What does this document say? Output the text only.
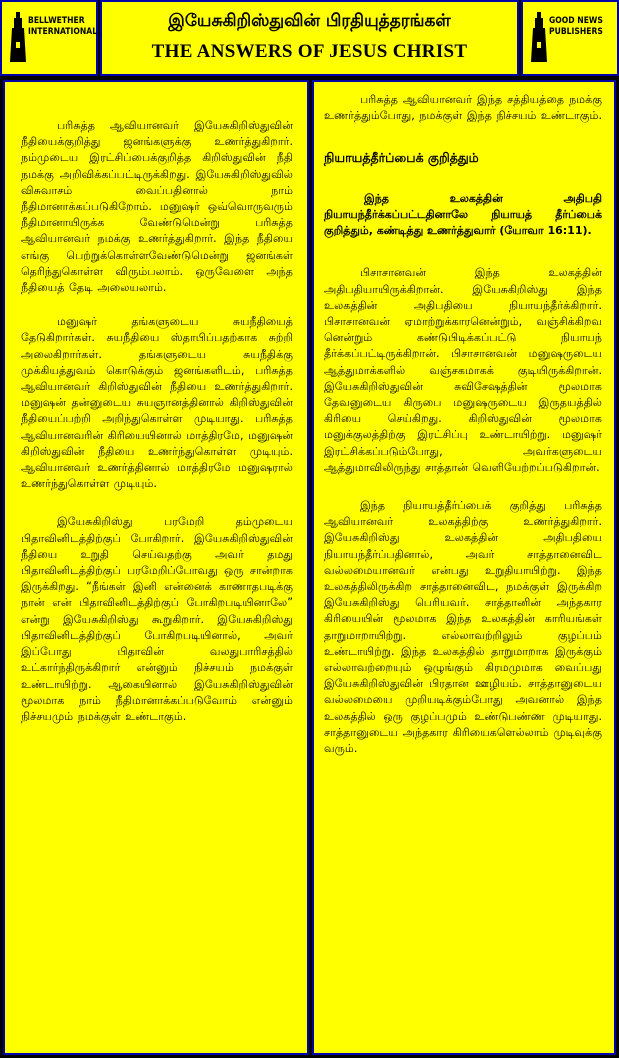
BELLWETHER
INTERNATIONAL
இயேசுகிறிஸ்துவின் பிரதியுத்தரங்கள்
THE ANSWERS OF JESUS CHRIST
GOOD NEWS
PUBLISHERS

பரிசுத்த ஆவியானவர் இயேசுகிறிஸ்துவின் நீதியைக்குறித்து ஜனங்களுக்கு உணர்த்துகிறார். நம்முடைய இரட்சிப்பைக்குறித்த கிறிஸ்துவின் நீதி நமக்கு அறிவிக்கப்பட்டிருக்கிறது. இயேசுகிறிஸ்துவில் விசுவாசம் வைப்பதினால் நாம் நீதிமானாக்கப்படுகிறோம். மனுஷர் ஒவ்வொருவரும் நீதிமானாயிருக்க வேண்டுமென்று பரிசுத்த ஆவியானவர் நமக்கு உணர்த்துகிறார். இந்த நீதியை எங்கு பெற்றுக்கொள்ளவேண்டுமென்று ஜனங்கள் தெரிந்துகொள்ள விரும்பலாம். ஒருவேளை அந்த நீதியைத் தேடி அலையலாம்.

மனுஷர் தங்களுடைய சுயநீதியைத் தேடுகிறார்கள். சுயநீதியை ஸ்தாபிப்பதற்காக சுற்றி அலைகிறார்கள். தங்களுடைய சுயநீதிக்கு முக்கியத்துவம் கொடுக்கும் ஜனங்களிடம், பரிசுத்த ஆவியானவர் கிறிஸ்துவின் நீதியை உணர்த்துகிறார். மனுஷன் தன்னுடைய சுயஞானத்தினால் கிறிஸ்துவின் நீதியைப்பற்றி அறிந்துகொள்ள முடியாது. பரிசுத்த ஆவியானவரின் கிரியையினால் மாத்திரமே, மனுஷன் கிறிஸ்துவின் நீதியை உணர்ந்துகொள்ள முடியும். ஆவியானவர் உணர்த்தினால் மாத்திரமே மனுஷரால் உணர்ந்துகொள்ள முடியும்.

இயேசுகிறிஸ்து பரமேறி தம்முடைய பிதாவினிடத்திற்குப் போகிறார். இயேசுகிறிஸ்துவின் நீதியை உறுதி செய்வதற்கு அவர் தமது பிதாவினிடத்திற்குப் பரமேறிப்போவது ஒரு சான்றாக இருக்கிறது. “நீங்கள் இனி என்னைக் காணாதபடிக்கு நான் என் பிதாவினிடத்திற்குப் போகிறபடியினாலே” என்று இயேசுகிறிஸ்து கூறுகிறார். இயேசுகிறிஸ்து பிதாவினிடத்திற்குப் போகிறபடியினால், அவர் இப்போது பிதாவின் வலதுபாரிசத்தில் உட்கார்ந்திருக்கிறார் என்னும் நிச்சயம் நமக்குள் உண்டாயிற்று. ஆகையினால் இயேசுகிறிஸ்துவின் மூலமாக நாம் நீதிமானாக்கப்படுவோம் என்னும் நிச்சயமும் நமக்குள் உண்டாகும்.

பரிசுத்த ஆவியானவர் இந்த சத்தியத்தை நமக்கு உணர்த்தும்போது, நமக்குள் இந்த நிச்சயம் உண்டாகும்.

நியாயத்தீர்ப்பைக் குறித்தும்

இந்த உலகத்தின் அதிபதி நியாயந்தீர்க்கப்பட்டதினாலே நியாயத் தீர்ப்பைக் குறித்தும், கண்டித்து உணர்த்துவார் (யோவா 16:11).

பிசாசானவன் இந்த உலகத்தின் அதிபதியாயிருக்கிறான். இயேசுகிறிஸ்து இந்த உலகத்தின் அதிபதியை நியாயந்தீர்க்கிறார். பிசாசானவன் ஏமாற்றுக்காரனென்றும், வஞ்சிக்கிறவ னென்றும் கண்டுபிடிக்கப்பட்டு நியாயந் தீர்க்கப்பட்டிருக்கிறான். பிசாசானவன் மனுஷருடைய ஆத்துமாக்களில் வஞ்சகமாகக் குடியிருக்கிறான். இயேசுகிறிஸ்துவின் சுவிசேஷத்தின் மூலமாக தேவனுடைய கிருபை மனுஷருடைய இருதயத்தில் கிரியை செய்கிறது. கிறிஸ்துவின் மூலமாக மனுக்குலத்திற்கு இரட்சிப்பு உண்டாயிற்று. மனுஷர் இரட்சிக்கப்படும்போது, அவர்களுடைய ஆத்துமாவிலிருந்து சாத்தான் வெளியேற்றப்படுகிறான்.

இந்த நியாயத்தீர்ப்பைக் குறித்து பரிசுத்த ஆவியானவர் உலகத்திற்கு உணர்த்துகிறார். இயேசுகிறிஸ்து உலகத்தின் அதிபதியை நியாயந்தீர்ப்பதினால், அவர் சாத்தானைவிட வல்லமையானவர் என்பது உறுதியாயிற்று. இந்த உலகத்திலிருக்கிற சாத்தானைவிட, நமக்குள் இருக்கிற இயேசுகிறிஸ்து பெரியவர். சாத்தானின் அந்தகார கிரியையின் மூலமாக இந்த உலகத்தின் காரியங்கள் தாறுமாறாயிற்று. எல்லாவற்றிலும் குழப்பம் உண்டாயிற்று. இந்த உலகத்தில் தாறுமாறாக இருக்கும் எல்லாவற்றையும் ஒழுங்கும் கிரமமுமாக வைப்பது இயேசுகிறிஸ்துவின் பிரதான ஊழியம். சாத்தானுடைய வல்லமையை முறியடிக்கும்போது அவனால் இந்த உலகத்தில் ஒரு குழப்பமும் உண்டுபண்ண முடியாது. சாத்தானுடைய அந்தகார கிரியைகளெல்லாம் முடிவுக்கு வரும்.
